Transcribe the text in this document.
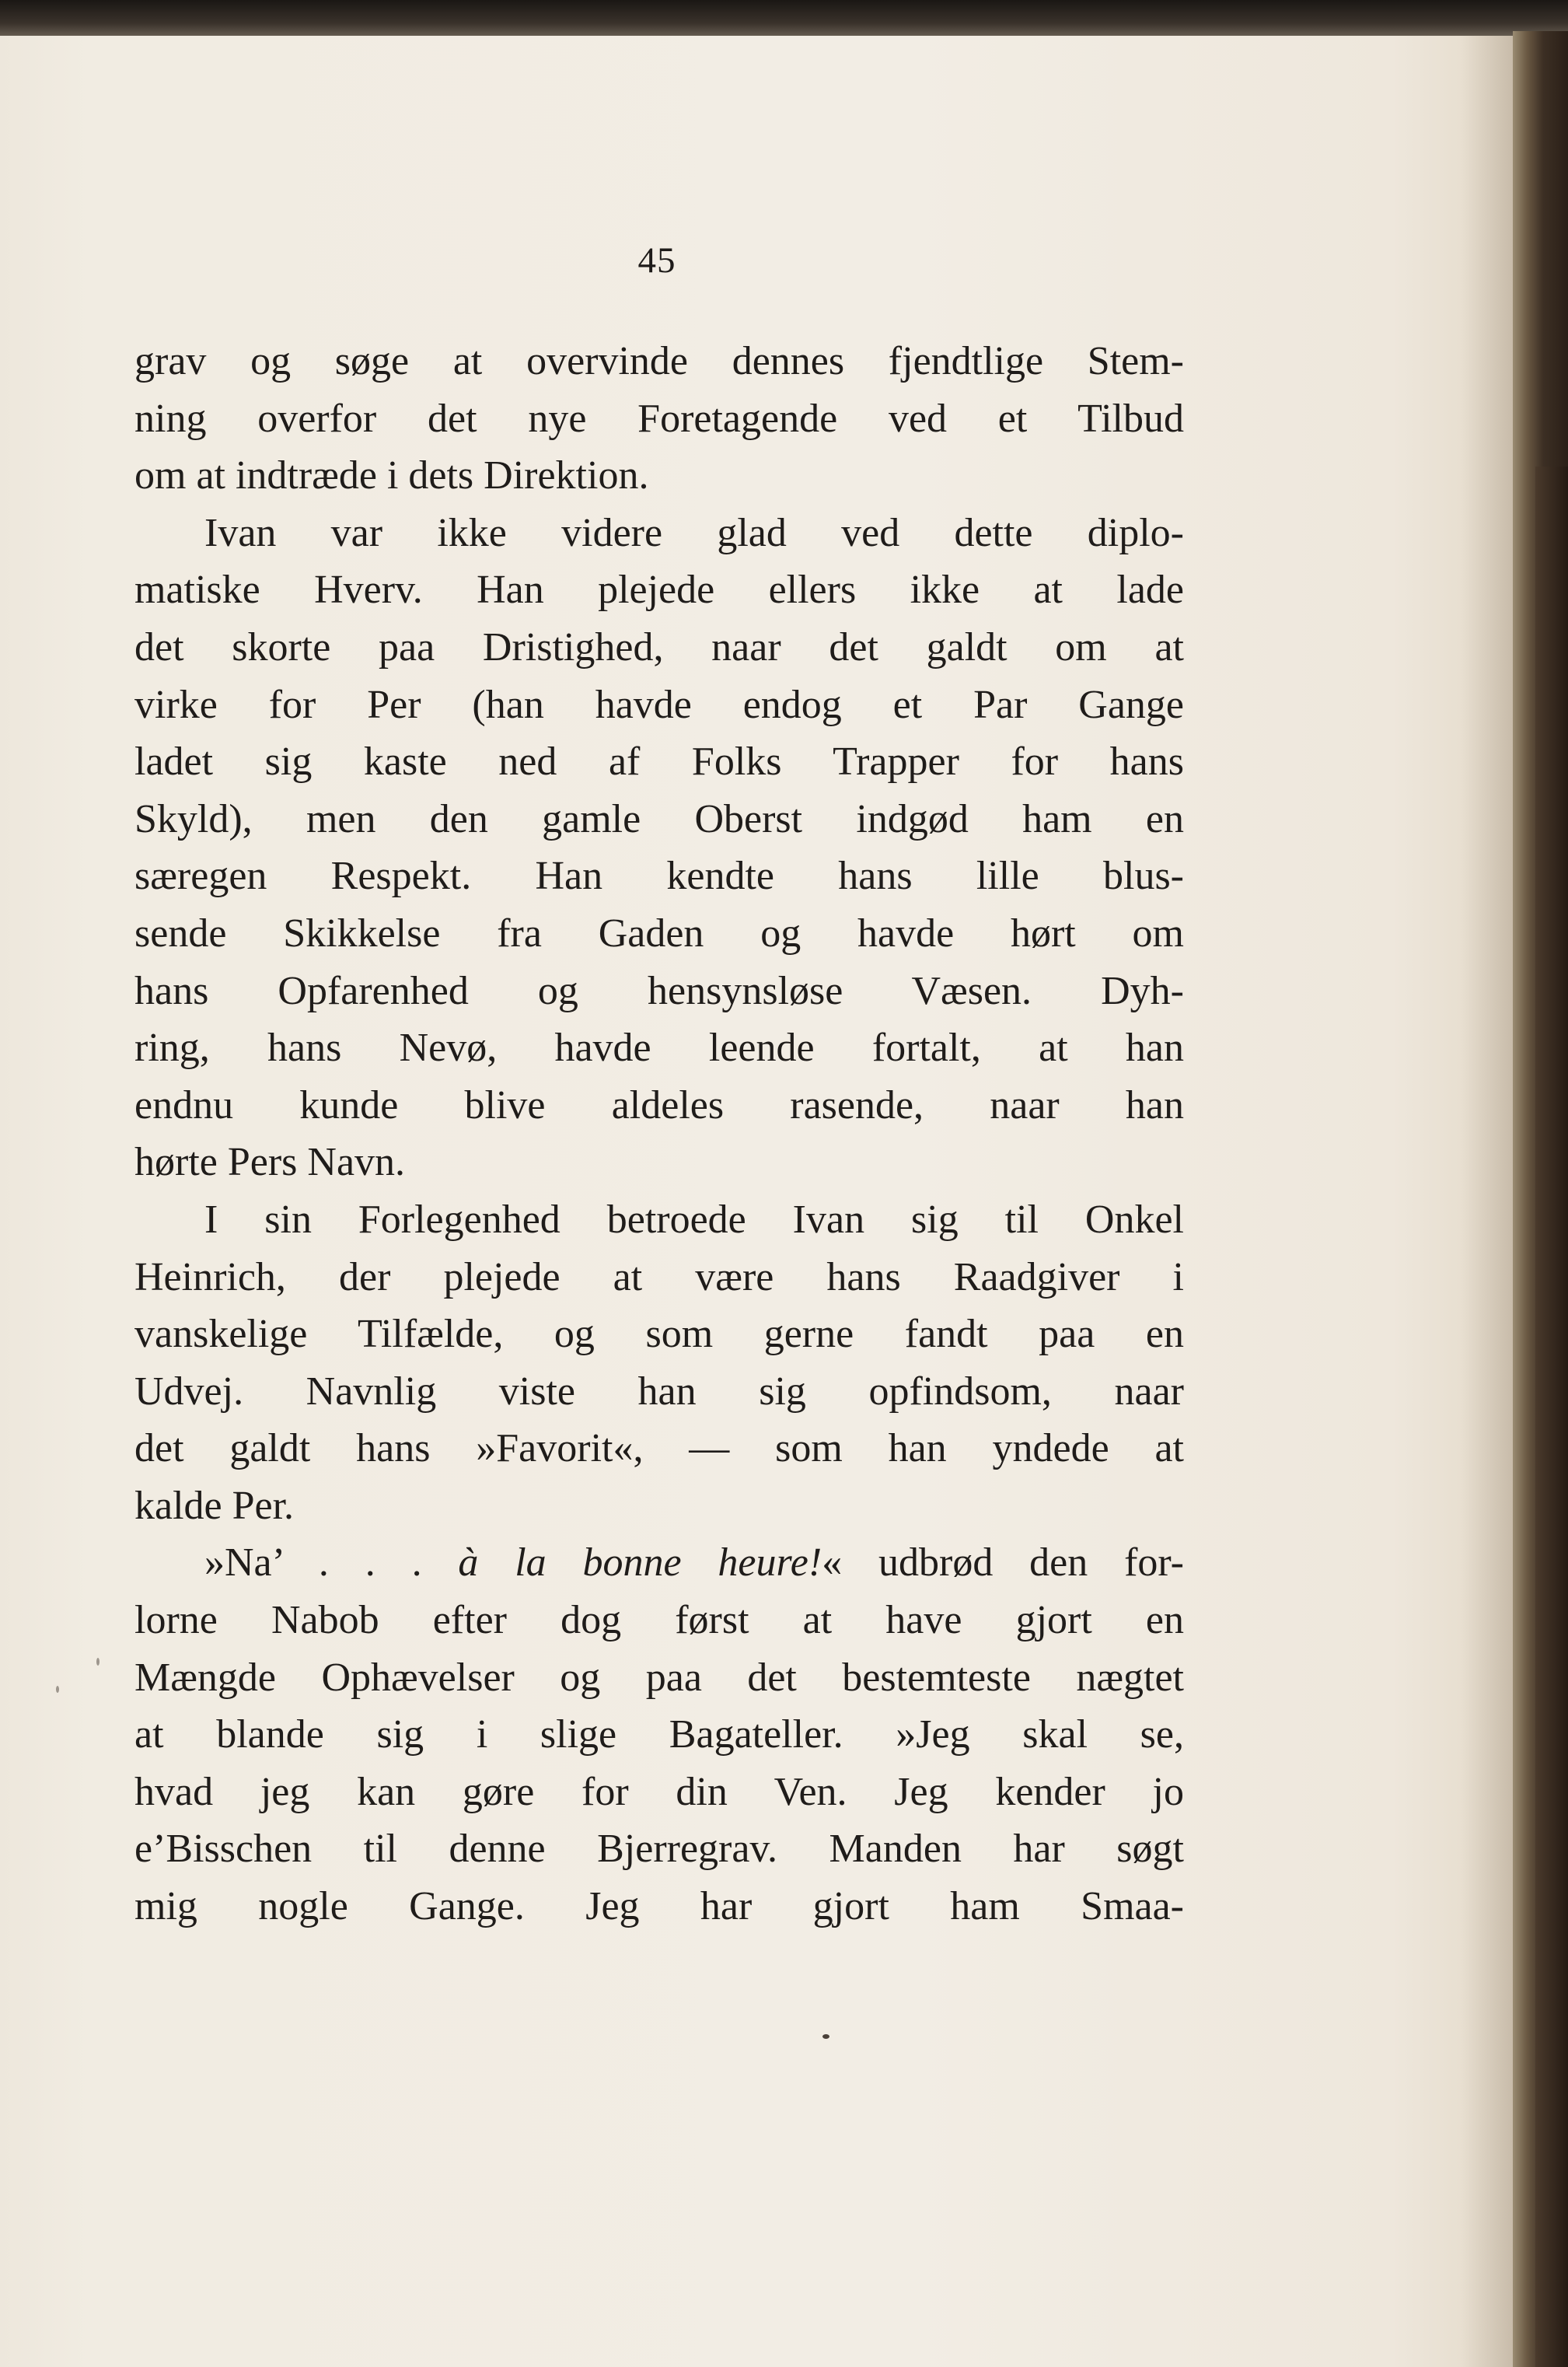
45
grav og søge at overvinde dennes fjendtlige Stem-
ning overfor det nye Foretagende ved et Tilbud
om at indtræde i dets Direktion.
Ivan var ikke videre glad ved dette diplo-
matiske Hverv. Han plejede ellers ikke at lade
det skorte paa Dristighed, naar det galdt om at
virke for Per (han havde endog et Par Gange
ladet sig kaste ned af Folks Trapper for hans
Skyld), men den gamle Oberst indgød ham en
særegen Respekt. Han kendte hans lille blus-
sende Skikkelse fra Gaden og havde hørt om
hans Opfarenhed og hensynsløse Væsen. Dyh-
ring, hans Nevø, havde leende fortalt, at han
endnu kunde blive aldeles rasende, naar han
hørte Pers Navn.
I sin Forlegenhed betroede Ivan sig til Onkel
Heinrich, der plejede at være hans Raadgiver i
vanskelige Tilfælde, og som gerne fandt paa en
Udvej. Navnlig viste han sig opfindsom, naar
det galdt hans »Favorit«, — som han yndede at
kalde Per.
»Na’ . . . à la bonne heure!« udbrød den for-
lorne Nabob efter dog først at have gjort en
Mængde Ophævelser og paa det bestemteste nægtet
at blande sig i slige Bagateller. »Jeg skal se,
hvad jeg kan gøre for din Ven. Jeg kender jo
e’Bisschen til denne Bjerregrav. Manden har søgt
mig nogle Gange. Jeg har gjort ham Smaa-
